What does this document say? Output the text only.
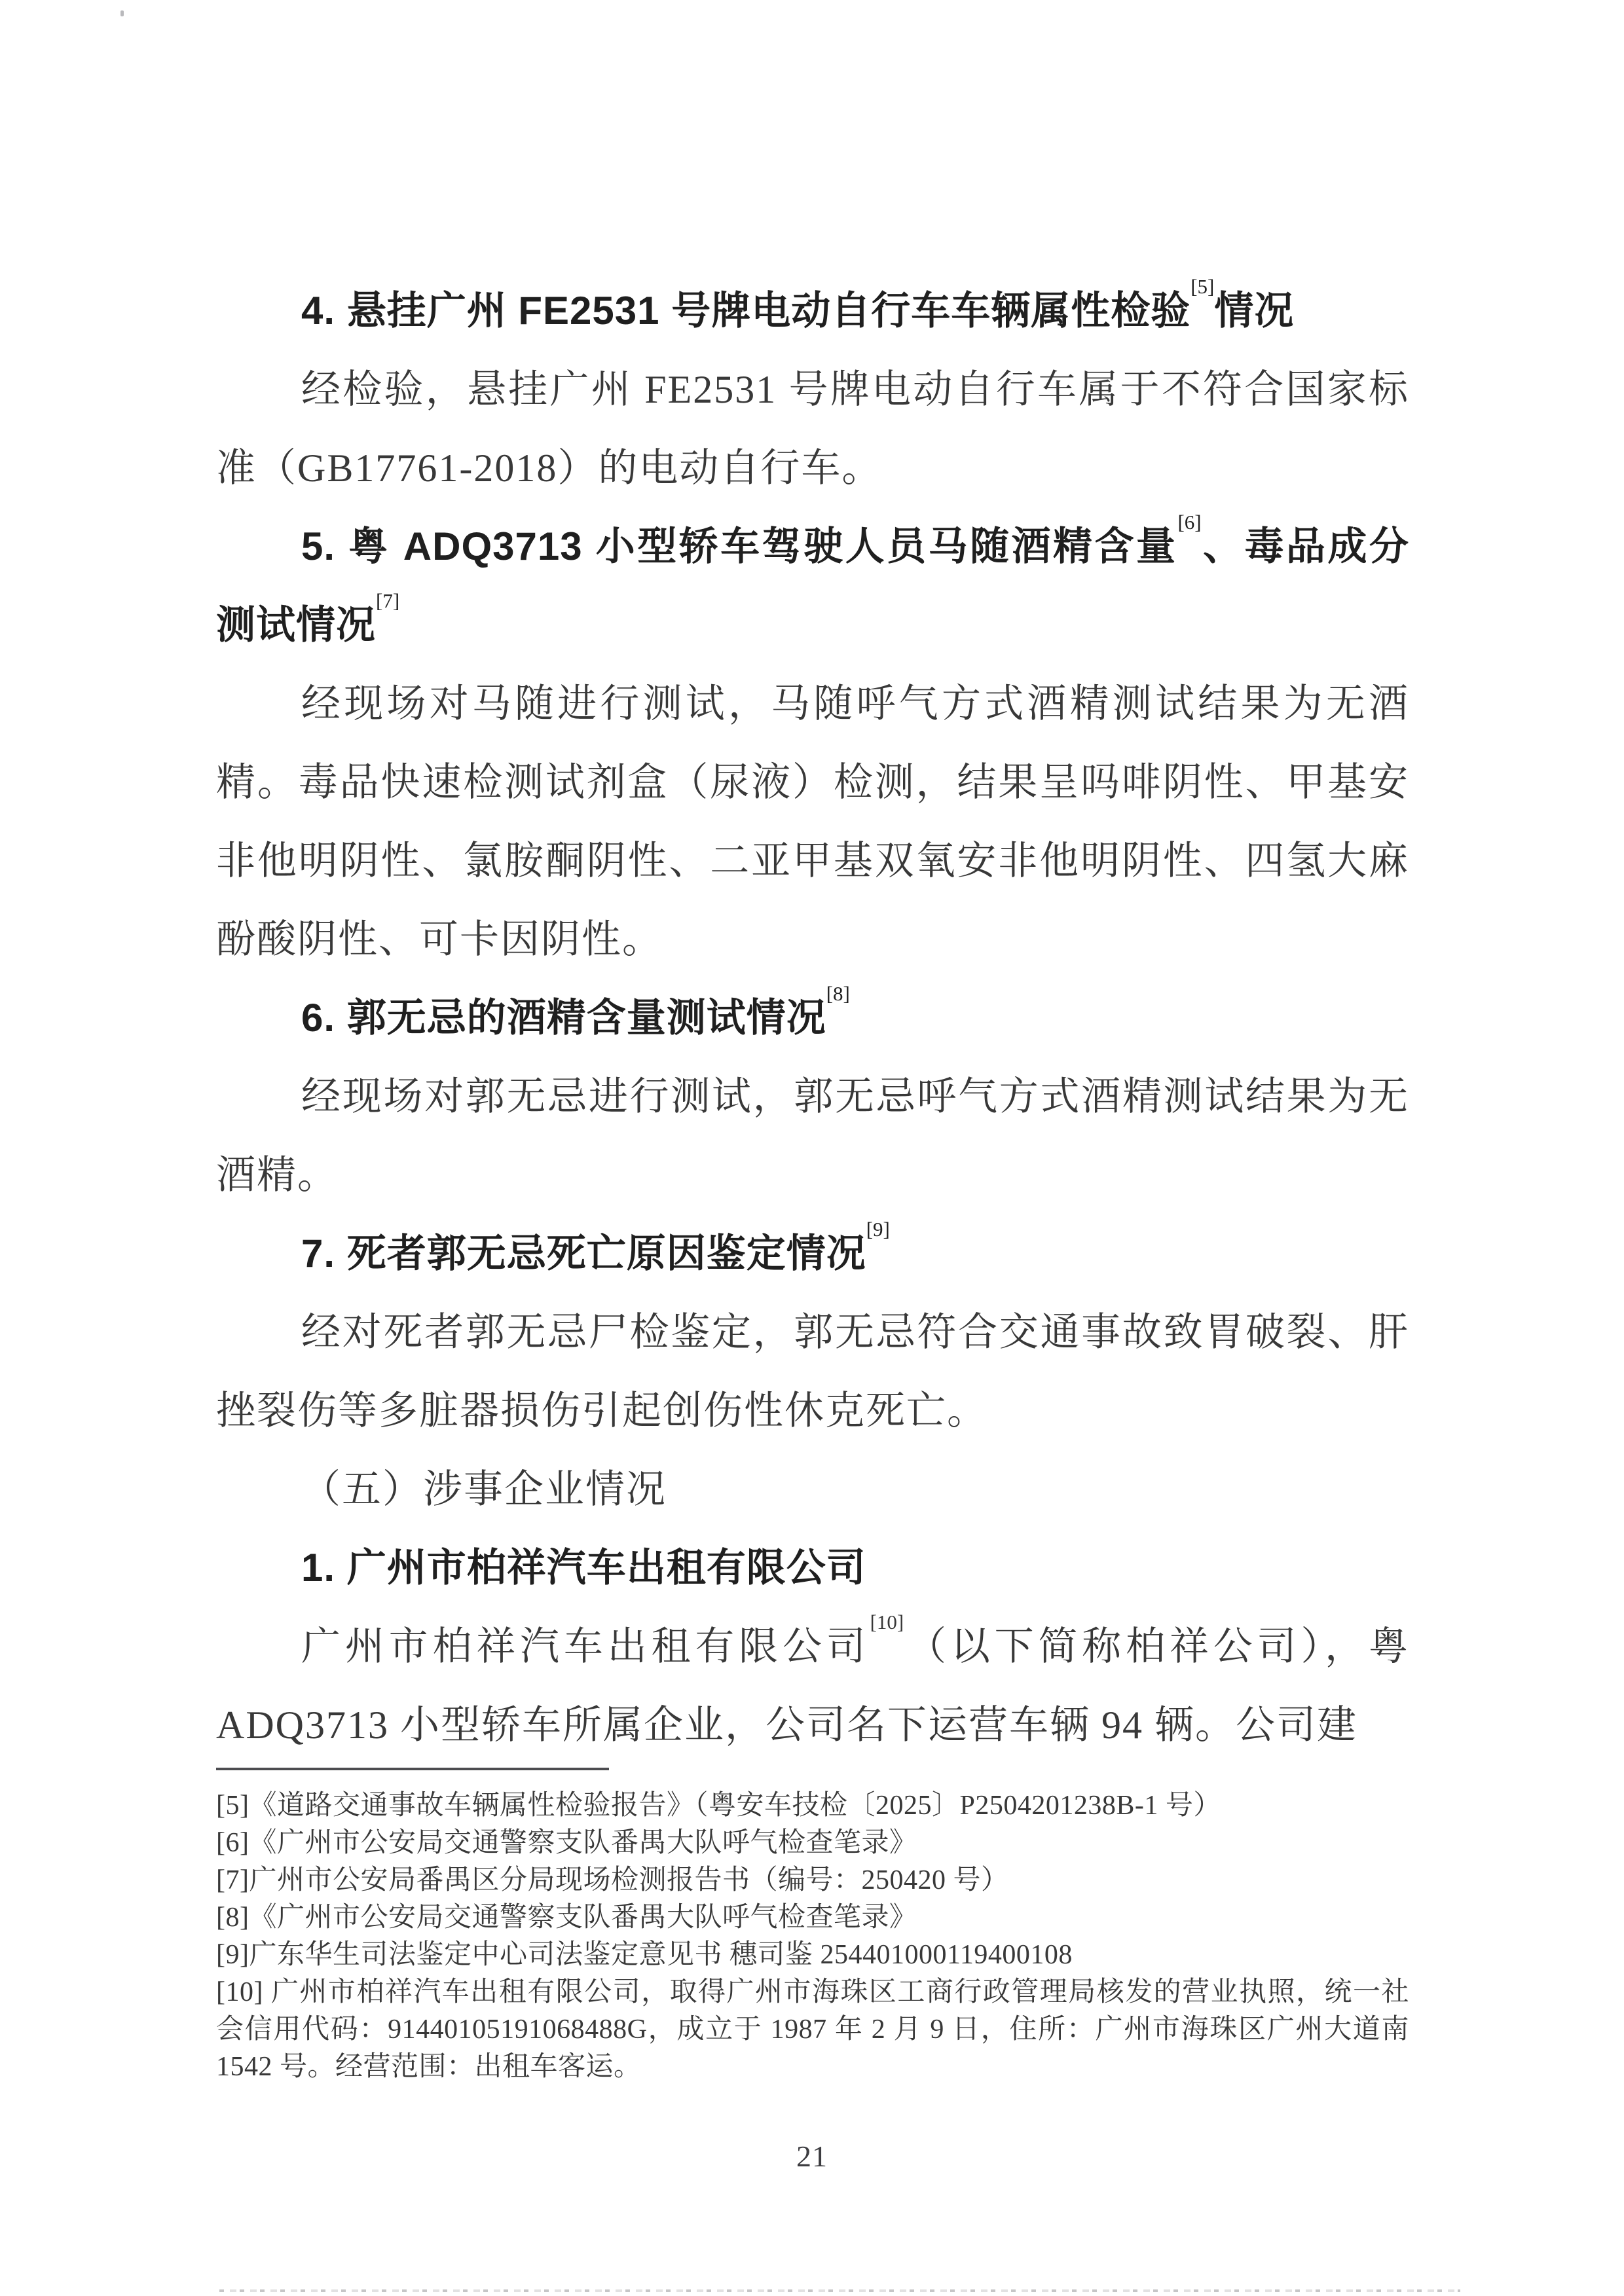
4. 悬挂广州 FE2531 号牌电动自行车车辆属性检验[5]情况

经检验，悬挂广州 FE2531 号牌电动自行车属于不符合国家标准（GB17761-2018）的电动自行车。

5. 粤 ADQ3713 小型轿车驾驶人员马随酒精含量[6]、毒品成分测试情况[7]

经现场对马随进行测试，马随呼气方式酒精测试结果为无酒精。毒品快速检测试剂盒（尿液）检测，结果呈吗啡阴性、甲基安非他明阴性、氯胺酮阴性、二亚甲基双氧安非他明阴性、四氢大麻酚酸阴性、可卡因阴性。

6. 郭无忌的酒精含量测试情况[8]

经现场对郭无忌进行测试，郭无忌呼气方式酒精测试结果为无酒精。

7. 死者郭无忌死亡原因鉴定情况[9]

经对死者郭无忌尸检鉴定，郭无忌符合交通事故致胃破裂、肝挫裂伤等多脏器损伤引起创伤性休克死亡。

（五）涉事企业情况

1. 广州市柏祥汽车出租有限公司

广州市柏祥汽车出租有限公司[10]（以下简称柏祥公司），粤 ADQ3713 小型轿车所属企业，公司名下运营车辆 94 辆。公司建

[5]《道路交通事故车辆属性检验报告》（粤安车技检〔2025〕P2504201238B-1 号）

[6]《广州市公安局交通警察支队番禺大队呼气检查笔录》

[7]广州市公安局番禺区分局现场检测报告书（编号：250420 号）

[8]《广州市公安局交通警察支队番禺大队呼气检查笔录》

[9]广东华生司法鉴定中心司法鉴定意见书 穗司鉴 254401000119400108

[10] 广州市柏祥汽车出租有限公司，取得广州市海珠区工商行政管理局核发的营业执照，统一社会信用代码：91440105191068488G，成立于 1987 年 2 月 9 日，住所：广州市海珠区广州大道南 1542 号。经营范围：出租车客运。

21
